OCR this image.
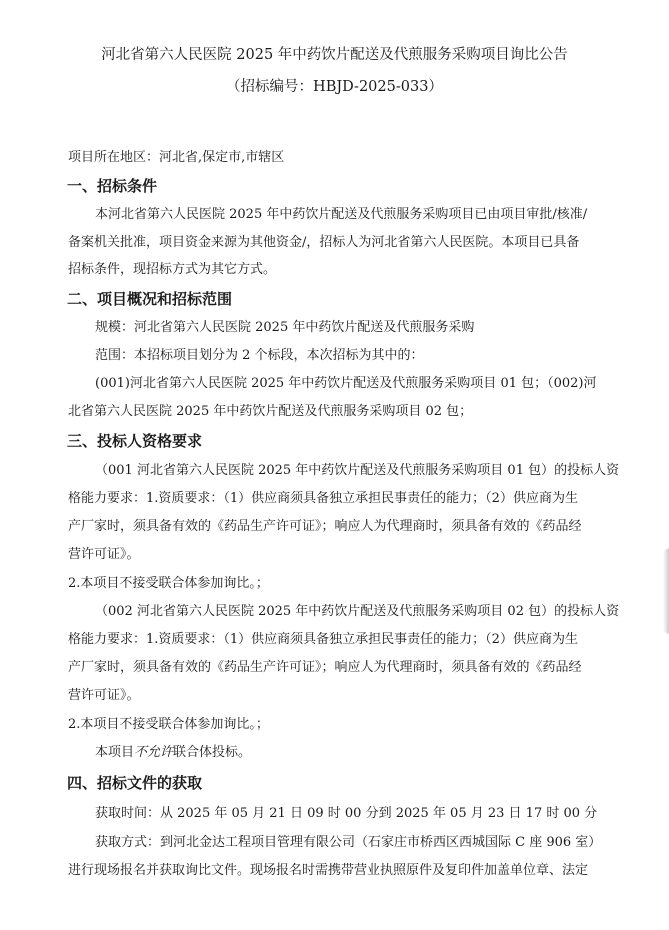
河北省第六人民医院 2025 年中药饮片配送及代煎服务采购项目询比公告
（招标编号：HBJD-2025-033）
项目所在地区：河北省,保定市,市辖区
一、招标条件
本河北省第六人民医院 2025 年中药饮片配送及代煎服务采购项目已由项目审批/核准/
备案机关批准，项目资金来源为其他资金/，招标人为河北省第六人民医院。本项目已具备
招标条件，现招标方式为其它方式。
二、项目概况和招标范围
规模：河北省第六人民医院 2025 年中药饮片配送及代煎服务采购
范围：本招标项目划分为 2 个标段，本次招标为其中的：
(001)河北省第六人民医院 2025 年中药饮片配送及代煎服务采购项目 01 包；（002)河
北省第六人民医院 2025 年中药饮片配送及代煎服务采购项目 02 包；
三、投标人资格要求
（001 河北省第六人民医院 2025 年中药饮片配送及代煎服务采购项目 01 包）的投标人资
格能力要求：1.资质要求：（1）供应商须具备独立承担民事责任的能力；（2）供应商为生
产厂家时，须具备有效的《药品生产许可证》；响应人为代理商时，须具备有效的《药品经
营许可证》。
2.本项目不接受联合体参加询比。；
（002 河北省第六人民医院 2025 年中药饮片配送及代煎服务采购项目 02 包）的投标人资
格能力要求：1.资质要求：（1）供应商须具备独立承担民事责任的能力；（2）供应商为生
产厂家时，须具备有效的《药品生产许可证》；响应人为代理商时，须具备有效的《药品经
营许可证》。
2.本项目不接受联合体参加询比。；
本项目不允许联合体投标。
四、招标文件的获取
获取时间：从 2025 年 05 月 21 日 09 时 00 分到 2025 年 05 月 23 日 17 时 00 分
获取方式：到河北金达工程项目管理有限公司（石家庄市桥西区西城国际 C 座 906 室）
进行现场报名并获取询比文件。现场报名时需携带营业执照原件及复印件加盖单位章、法定
